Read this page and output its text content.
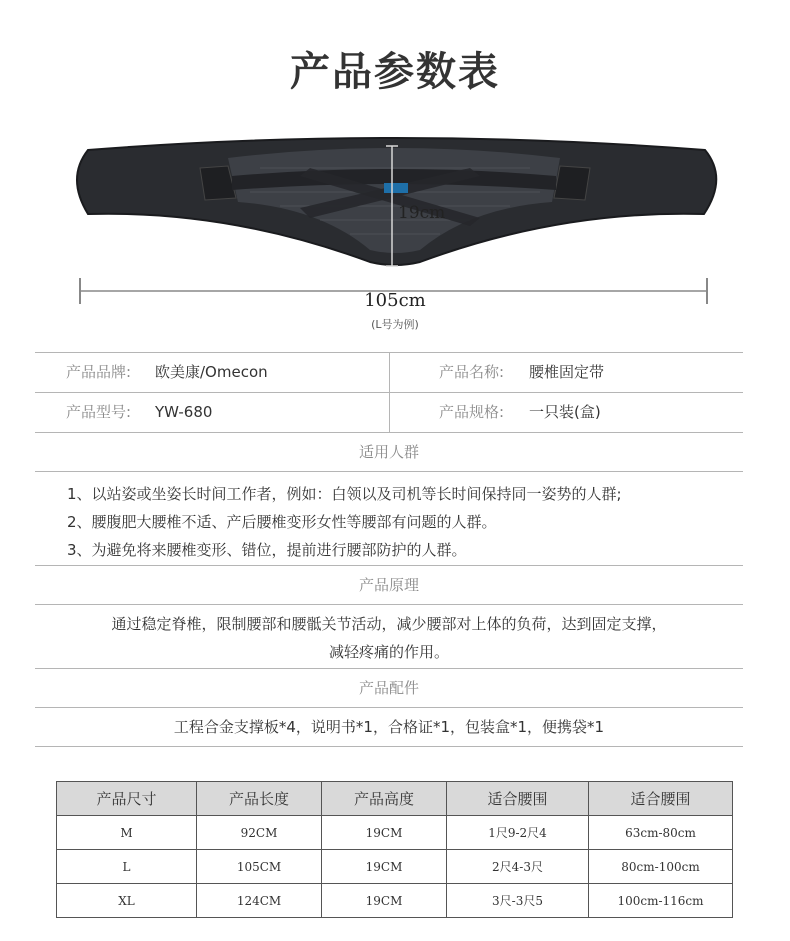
产品参数表
19cm
105cm
(L号为例)
产品品牌: 欧美康/Omecon	产品名称: 腰椎固定带
产品型号: YW-680	产品规格: 一只装(盒)
适用人群
1、以站姿或坐姿长时间工作者，例如：白领以及司机等长时间保持同一姿势的人群;
2、腰腹肥大腰椎不适、产后腰椎变形女性等腰部有问题的人群。
3、为避免将来腰椎变形、错位，提前进行腰部防护的人群。
产品原理
通过稳定脊椎，限制腰部和腰骶关节活动，减少腰部对上体的负荷，达到固定支撑，
减轻疼痛的作用。
产品配件
工程合金支撑板*4，说明书*1，合格证*1，包装盒*1，便携袋*1
产品尺寸	产品长度	产品高度	适合腰围	适合腰围
M	92CM	19CM	1尺9-2尺4	63cm-80cm
L	105CM	19CM	2尺4-3尺	80cm-100cm
XL	124CM	19CM	3尺-3尺5	100cm-116cm
